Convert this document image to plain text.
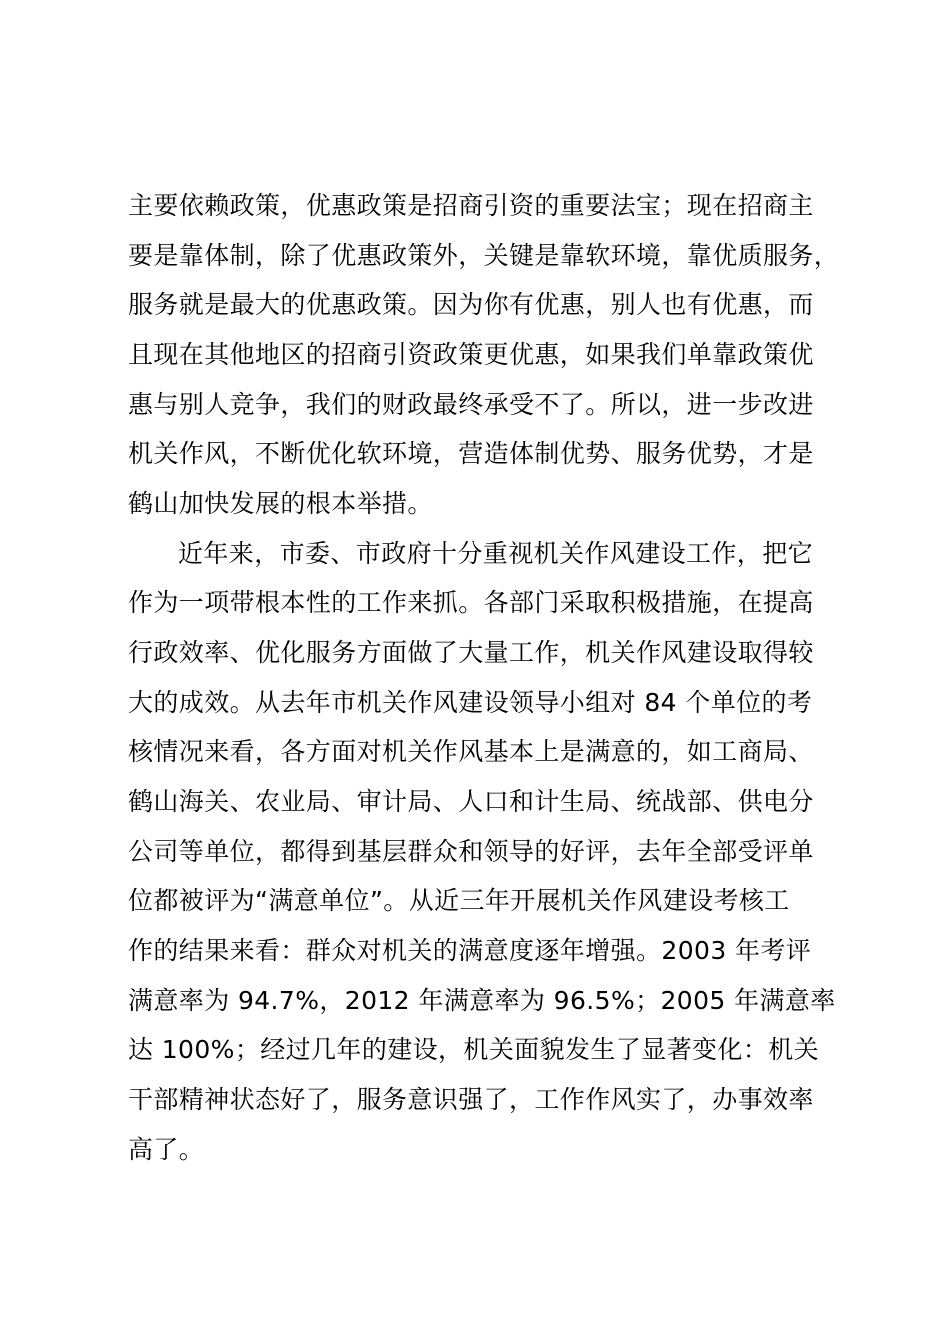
主要依赖政策，优惠政策是招商引资的重要法宝；现在招商主
要是靠体制，除了优惠政策外，关键是靠软环境，靠优质服务，
服务就是最大的优惠政策。因为你有优惠，别人也有优惠，而
且现在其他地区的招商引资政策更优惠，如果我们单靠政策优
惠与别人竞争，我们的财政最终承受不了。所以，进一步改进
机关作风，不断优化软环境，营造体制优势、服务优势，才是
鹤山加快发展的根本举措。
近年来，市委、市政府十分重视机关作风建设工作，把它
作为一项带根本性的工作来抓。各部门采取积极措施，在提高
行政效率、优化服务方面做了大量工作，机关作风建设取得较
大的成效。从去年市机关作风建设领导小组对 84 个单位的考
核情况来看，各方面对机关作风基本上是满意的，如工商局、
鹤山海关、农业局、审计局、人口和计生局、统战部、供电分
公司等单位，都得到基层群众和领导的好评，去年全部受评单
位都被评为“满意单位”。从近三年开展机关作风建设考核工
作的结果来看：群众对机关的满意度逐年增强。2003 年考评
满意率为 94.7%，2012 年满意率为 96.5%；2005 年满意率
达 100%；经过几年的建设，机关面貌发生了显著变化：机关
干部精神状态好了，服务意识强了，工作作风实了，办事效率
高了。
